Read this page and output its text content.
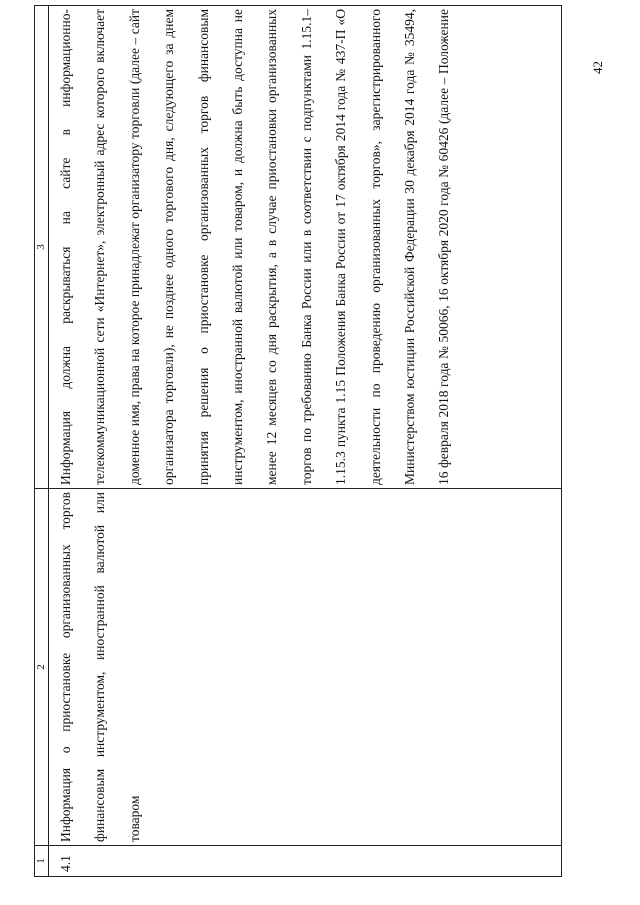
1	2	3
4.1	Информация о приостановке организованных торгов финансовым инструментом, иностранной валютой или товаром	Информация должна раскрываться на сайте в информационно-телекоммуникационной сети «Интернет», электронный адрес которого включает доменное имя, права на которое принадлежат организатору торговли (далее – сайт организатора торговли), не позднее одного торгового дня, следующего за днем принятия решения о приостановке организованных торгов финансовым инструментом, иностранной валютой или товаром, и должна быть доступна не менее 12 месяцев со дня раскрытия, а в случае приостановки организованных торгов по требованию Банка России или в соответствии с подпунктами 1.15.1–1.15.3 пункта 1.15 Положения Банка России от 17 октября 2014 года № 437-П «О деятельности по проведению организованных торгов», зарегистрированного Министерством юстиции Российской Федерации 30 декабря 2014 года № 35494, 16 февраля 2018 года № 50066, 16 октября 2020 года № 60426 (далее – Положение	42
